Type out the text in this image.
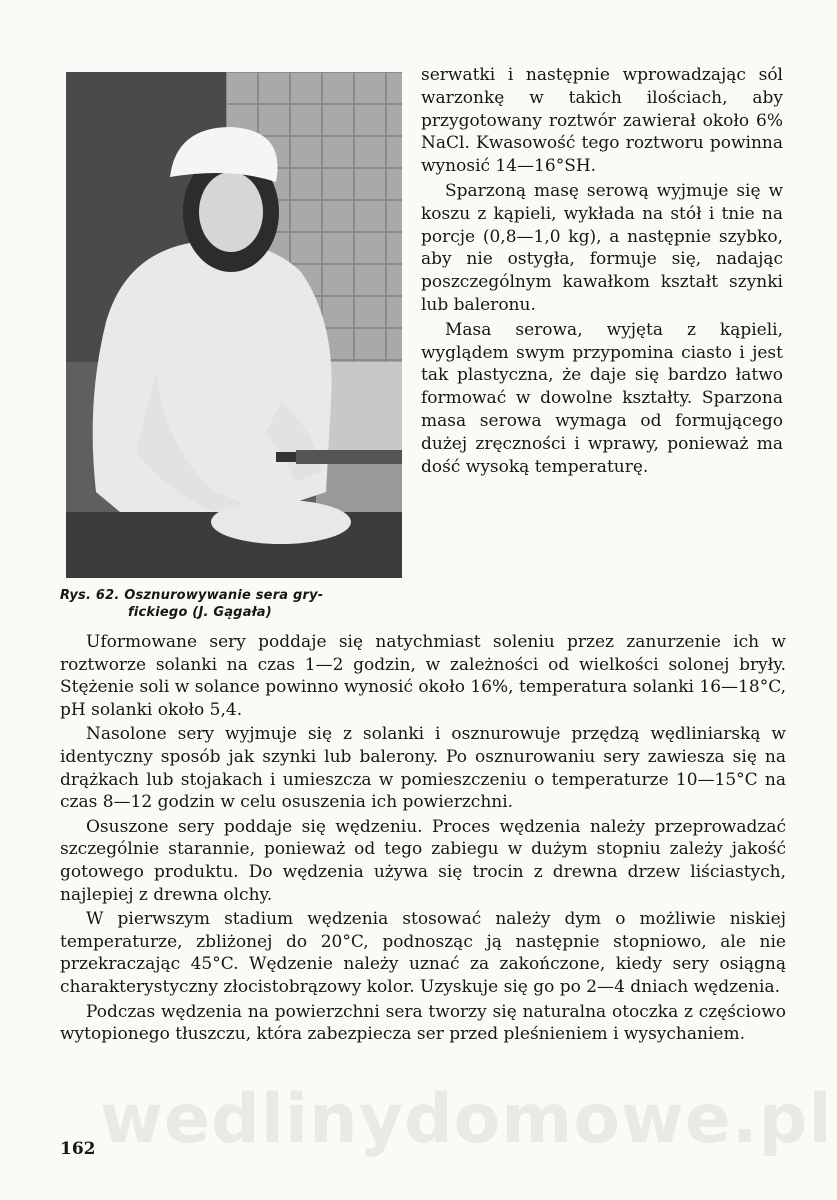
Rys. 62. Osznurowywanie sera gry-

fickiego (J. Gągała)

serwatki i następnie wprowadzając sól warzonkę w takich ilościach, aby przygotowany roztwór zawierał około 6% NaCl. Kwasowość tego roztworu powinna wynosić 14—16°SH.

Sparzoną masę serową wyjmuje się w koszu z kąpieli, wykłada na stół i tnie na porcje (0,8—1,0 kg), a następnie szybko, aby nie ostygła, formuje się, nadając poszczególnym kawałkom kształt szynki lub baleronu.

Masa serowa, wyjęta z kąpieli, wyglądem swym przypomina ciasto i jest tak plastyczna, że daje się bardzo łatwo formować w dowolne kształty. Sparzona masa serowa wymaga od formującego dużej zręczności i wprawy, ponieważ ma dość wysoką temperaturę.

Uformowane sery poddaje się natychmiast soleniu przez zanurzenie ich w roztworze solanki na czas 1—2 godzin, w zależności od wielkości solonej bryły. Stężenie soli w solance powinno wynosić około 16%, temperatura solanki 16—18°C, pH solanki około 5,4.

Nasolone sery wyjmuje się z solanki i osznurowuje przędzą wędliniarską w identyczny sposób jak szynki lub balerony. Po osznurowaniu sery zawiesza się na drążkach lub stojakach i umieszcza w pomieszczeniu o temperaturze 10—15°C na czas 8—12 godzin w celu osuszenia ich powierzchni.

Osuszone sery poddaje się wędzeniu. Proces wędzenia należy przeprowadzać szczególnie starannie, ponieważ od tego zabiegu w dużym stopniu zależy jakość gotowego produktu. Do wędzenia używa się trocin z drewna drzew liściastych, najlepiej z drewna olchy.

W pierwszym stadium wędzenia stosować należy dym o możliwie niskiej temperaturze, zbliżonej do 20°C, podnosząc ją następnie stopniowo, ale nie przekraczając 45°C. Wędzenie należy uznać za zakończone, kiedy sery osiągną charakterystyczny złocistobrązowy kolor. Uzyskuje się go po 2—4 dniach wędzenia.

Podczas wędzenia na powierzchni sera tworzy się naturalna otoczka z częściowo wytopionego tłuszczu, która zabezpiecza ser przed pleśnieniem i wysychaniem.

wedlinydomowe.pl
162
